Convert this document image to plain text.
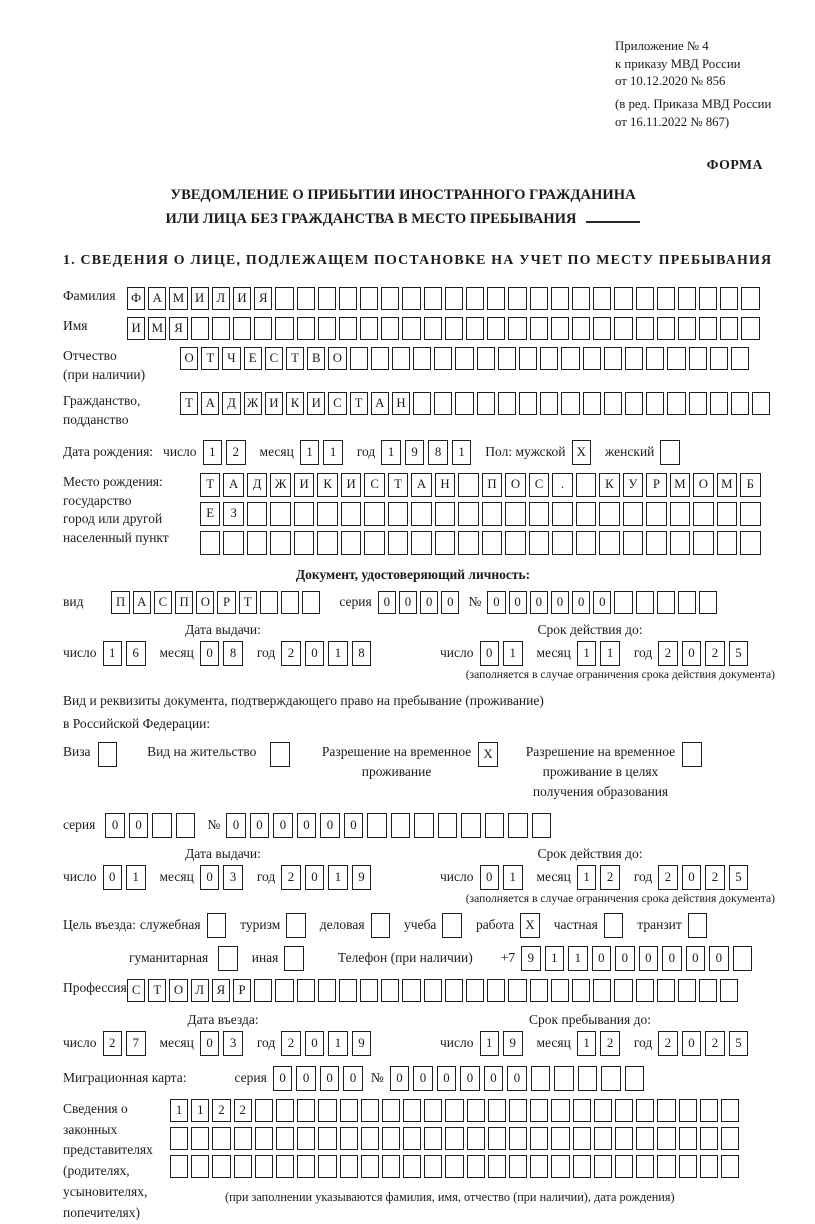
Приложение № 4
к приказу МВД России
от 10.12.2020 № 856
(в ред. Приказа МВД России
от 16.11.2022 № 867)
ФОРМА
УВЕДОМЛЕНИЕ О ПРИБЫТИИ ИНОСТРАННОГО ГРАЖДАНИНА
ИЛИ ЛИЦА БЕЗ ГРАЖДАНСТВА В МЕСТО ПРЕБЫВАНИЯ
1. СВЕДЕНИЯ О ЛИЦЕ, ПОДЛЕЖАЩЕМ ПОСТАНОВКЕ НА УЧЕТ ПО МЕСТУ ПРЕБЫВАНИЯ
Фамилия	Ф А М И Л И Я
Имя	И М Я
Отчество
(при наличии)
О Т	Ч	Е	С	Т	В О
Гражданство,
подданство
Т А Д Ж И К И С	Т А Н
Дата рождения: число 1	2	месяц 1	1	год 1	9	8	1	Пол: мужской X	женский
Место рождения:
государство
город или другой
населенный пункт
Т	А	Д	Ж	И	К	И	С	Т	А	Н	П	О	С	.	К	У	Р	М	О	М	Б
Е	З
Документ, удостоверяющий личность:
вид	П А С П О	Р	Т	серия 0	0	0	0	№ 0	0	0	0	0	0
Дата выдачи:
число 1	6	месяц 0	8	год 2	0	1	8
Срок действия до:
число 0	1	месяц 1	1	год 2	0	2	5
(заполняется в случае ограничения срока действия документа)
Вид и реквизиты документа, подтверждающего право на пребывание (проживание)
в Российской Федерации:
Виза	Вид на жительство	Разрешение на временное
проживание
X	Разрешение на временное
проживание в целях
получения образования
серия	0	0	№ 0	0	0	0	0	0
Дата выдачи:
число 0	1	месяц 0	3	год 2	0	1	9
Срок действия до:
число 0	1	месяц 1	2	год 2	0	2	5
(заполняется в случае ограничения срока действия документа)
Цель въезда: служебная	туризм	деловая	учеба	работа X	частная	транзит
гуманитарная	иная	Телефон (при наличии) +7 9	1	1	0	0	0	0	0	0
Профессия С	Т О Л Я	Р
Дата въезда:
число 2	7	месяц 0	3	год 2	0	1	9
Срок пребывания до:
число 1	9	месяц 1	2	год 2	0	2	5
Миграционная карта:	серия 0	0	0	0	№ 0	0	0	0	0	0
Сведения о
законных
представителях
(родителях,
усыновителях,
попечителях)
1	1	2	2
(при заполнении указываются фамилия, имя, отчество (при наличии), дата рождения)
